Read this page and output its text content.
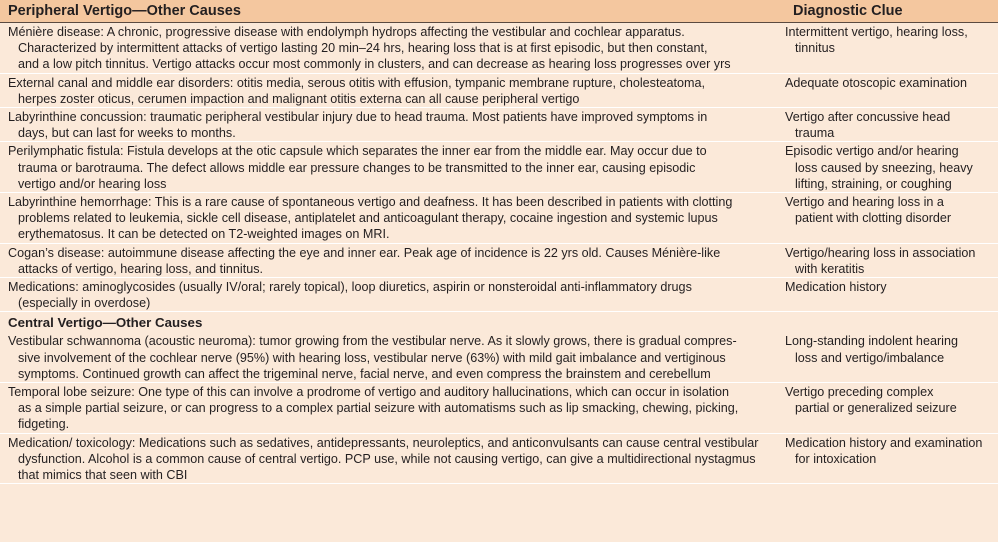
Peripheral Vertigo—Other Causes	Diagnostic Clue
Ménière disease: A chronic, progressive disease with endolymph hydrops affecting the vestibular and cochlear apparatus.
Characterized by intermittent attacks of vertigo lasting 20 min–24 hrs, hearing loss that is at first episodic, but then constant,
and a low pitch tinnitus. Vertigo attacks occur most commonly in clusters, and can decrease as hearing loss progresses over yrs
Intermittent vertigo, hearing loss,
tinnitus
External canal and middle ear disorders: otitis media, serous otitis with effusion, tympanic membrane rupture, cholesteatoma,
herpes zoster oticus, cerumen impaction and malignant otitis externa can all cause peripheral vertigo
Adequate otoscopic examination
Labyrinthine concussion: traumatic peripheral vestibular injury due to head trauma. Most patients have improved symptoms in
days, but can last for weeks to months.
Vertigo after concussive head
trauma
Perilymphatic fistula: Fistula develops at the otic capsule which separates the inner ear from the middle ear. May occur due to
trauma or barotrauma. The defect allows middle ear pressure changes to be transmitted to the inner ear, causing episodic
vertigo and/or hearing loss
Episodic vertigo and/or hearing
loss caused by sneezing, heavy
lifting, straining, or coughing
Labyrinthine hemorrhage: This is a rare cause of spontaneous vertigo and deafness. It has been described in patients with clotting
problems related to leukemia, sickle cell disease, antiplatelet and anticoagulant therapy, cocaine ingestion and systemic lupus
erythematosus. It can be detected on T2-weighted images on MRI.
Vertigo and hearing loss in a
patient with clotting disorder
Cogan’s disease: autoimmune disease affecting the eye and inner ear. Peak age of incidence is 22 yrs old. Causes Ménière-like
attacks of vertigo, hearing loss, and tinnitus.
Vertigo/hearing loss in association
with keratitis
Medications: aminoglycosides (usually IV/oral; rarely topical), loop diuretics, aspirin or nonsteroidal anti-inflammatory drugs
(especially in overdose)
Medication history
Central Vertigo—Other Causes
Vestibular schwannoma (acoustic neuroma): tumor growing from the vestibular nerve. As it slowly grows, there is gradual compres-
sive involvement of the cochlear nerve (95%) with hearing loss, vestibular nerve (63%) with mild gait imbalance and vertiginous
symptoms. Continued growth can affect the trigeminal nerve, facial nerve, and even compress the brainstem and cerebellum
Long-standing indolent hearing
loss and vertigo/imbalance
Temporal lobe seizure: One type of this can involve a prodrome of vertigo and auditory hallucinations, which can occur in isolation
as a simple partial seizure, or can progress to a complex partial seizure with automatisms such as lip smacking, chewing, picking,
fidgeting.
Vertigo preceding complex
partial or generalized seizure
Medication/ toxicology: Medications such as sedatives, antidepressants, neuroleptics, and anticonvulsants can cause central vestibular
dysfunction. Alcohol is a common cause of central vertigo. PCP use, while not causing vertigo, can give a multidirectional nystagmus
that mimics that seen with CBI
Medication history and examination
for intoxication
